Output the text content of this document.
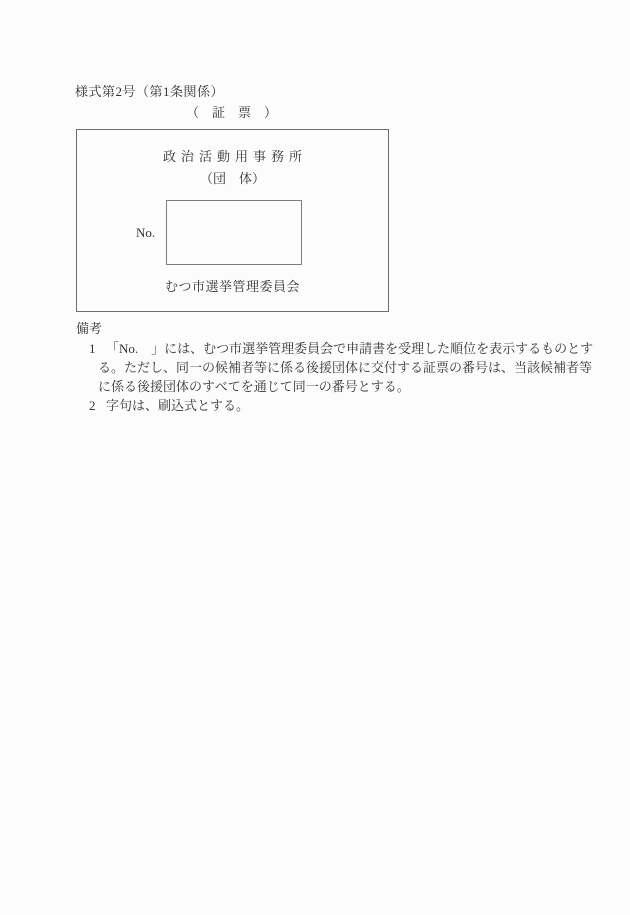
様式第2号（第1条関係）
（　証　票　）
政治活動用事務所
（団　体）
No.
むつ市選挙管理委員会
備考
1 「No.　」には、むつ市選挙管理委員会で申請書を受理した順位を表示するものとす
る。ただし、同一の候補者等に係る後援団体に交付する証票の番号は、当該候補者等
に係る後援団体のすべてを通じて同一の番号とする。
2 字句は、刷込式とする。
